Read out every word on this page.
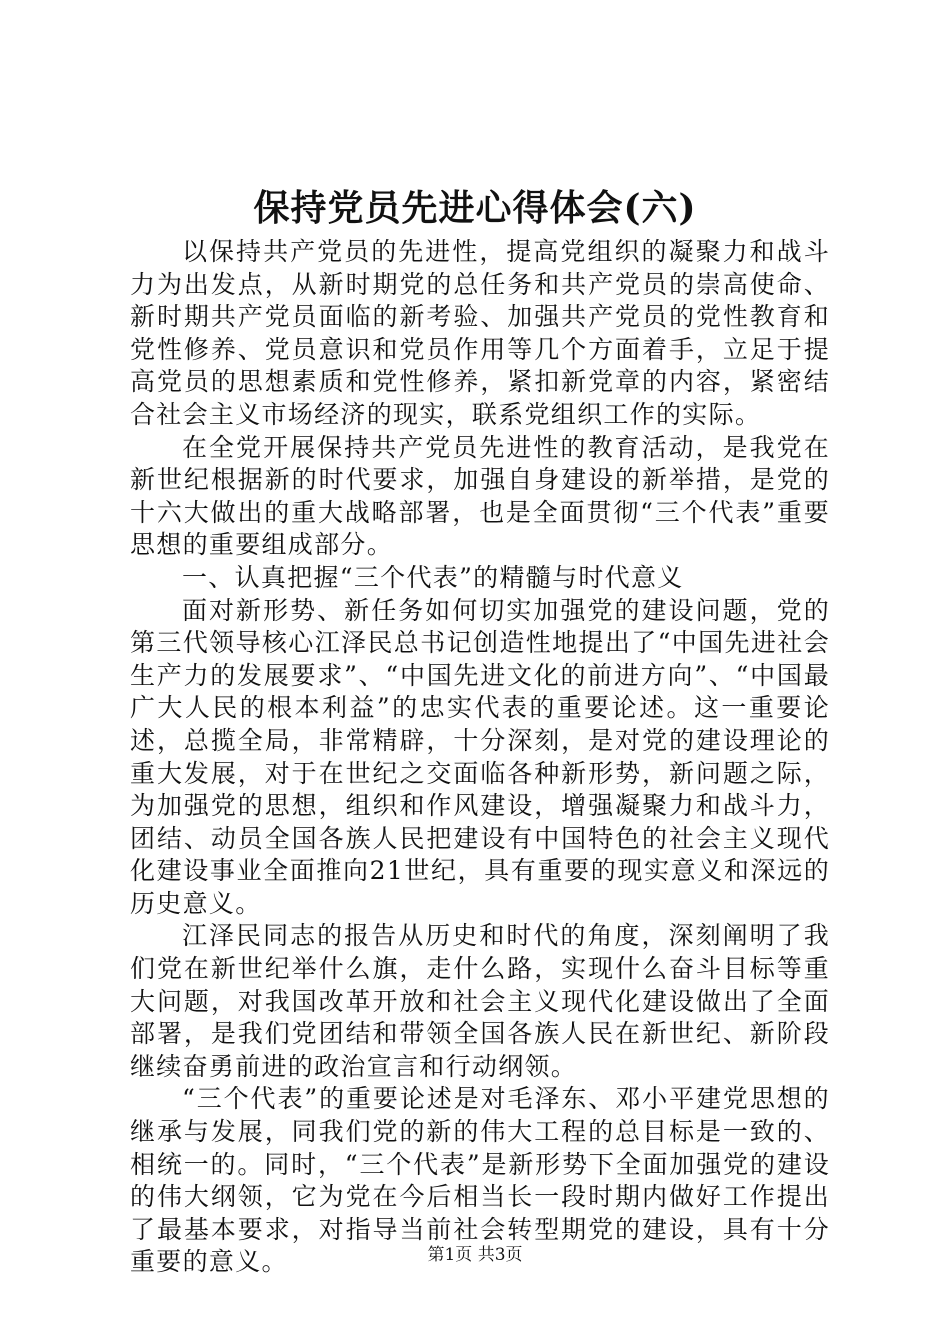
保持党员先进心得体会(六)

以保持共产党员的先进性，提高党组织的凝聚力和战斗力为出发点，从新时期党的总任务和共产党员的崇高使命、新时期共产党员面临的新考验、加强共产党员的党性教育和党性修养、党员意识和党员作用等几个方面着手，立足于提高党员的思想素质和党性修养，紧扣新党章的内容，紧密结合社会主义市场经济的现实，联系党组织工作的实际。

在全党开展保持共产党员先进性的教育活动，是我党在新世纪根据新的时代要求，加强自身建设的新举措，是党的十六大做出的重大战略部署，也是全面贯彻“三个代表”重要思想的重要组成部分。

一、认真把握“三个代表”的精髓与时代意义

面对新形势、新任务如何切实加强党的建设问题，党的第三代领导核心江泽民总书记创造性地提出了“中国先进社会生产力的发展要求”、“中国先进文化的前进方向”、“中国最广大人民的根本利益”的忠实代表的重要论述。这一重要论述，总揽全局，非常精辟，十分深刻，是对党的建设理论的重大发展，对于在世纪之交面临各种新形势，新问题之际，为加强党的思想，组织和作风建设，增强凝聚力和战斗力，团结、动员全国各族人民把建设有中国特色的社会主义现代化建设事业全面推向21世纪，具有重要的现实意义和深远的历史意义。

江泽民同志的报告从历史和时代的角度，深刻阐明了我们党在新世纪举什么旗，走什么路，实现什么奋斗目标等重大问题，对我国改革开放和社会主义现代化建设做出了全面部署，是我们党团结和带领全国各族人民在新世纪、新阶段继续奋勇前进的政治宣言和行动纲领。

“三个代表”的重要论述是对毛泽东、邓小平建党思想的继承与发展，同我们党的新的伟大工程的总目标是一致的、相统一的。同时，“三个代表”是新形势下全面加强党的建设的伟大纲领，它为党在今后相当长一段时期内做好工作提出了最基本要求，对指导当前社会转型期党的建设，具有十分重要的意义。	第1页 共3页
